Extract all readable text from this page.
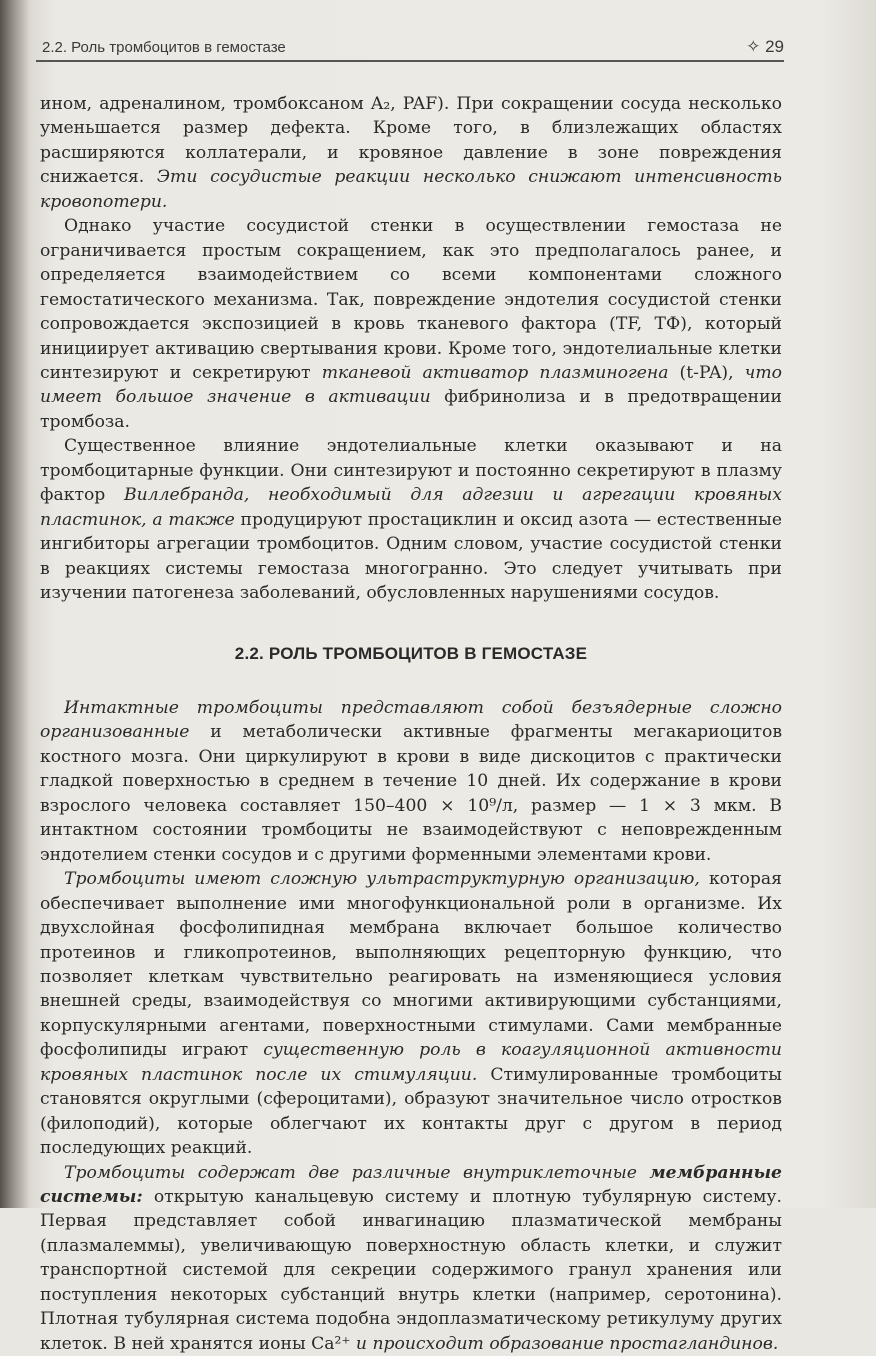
2.2. Роль тромбоцитов в гемостазе	✧ 29

ином, адреналином, тромбоксаном A₂, PAF). При сокращении сосуда несколько уменьшается размер дефекта. Кроме того, в близлежащих областях расширяются коллатерали, и кровяное давление в зоне повреждения снижается. Эти сосудистые реакции несколько снижают интенсивность кровопотери.

Однако участие сосудистой стенки в осуществлении гемостаза не ограничивается простым сокращением, как это предполагалось ранее, и определяется взаимодействием со всеми компонентами сложного гемостатического механизма. Так, повреждение эндотелия сосудистой стенки сопровождается экспозицией в кровь тканевого фактора (TF, ТФ), который инициирует активацию свертывания крови. Кроме того, эндотелиальные клетки синтезируют и секретируют тканевой активатор плазминогена (t-PA), что имеет большое значение в активации фибринолиза и в предотвращении тромбоза.

Существенное влияние эндотелиальные клетки оказывают и на тромбоцитарные функции. Они синтезируют и постоянно секретируют в плазму фактор Виллебранда, необходимый для адгезии и агрегации кровяных пластинок, а также продуцируют простациклин и оксид азота — естественные ингибиторы агрегации тромбоцитов. Одним словом, участие сосудистой стенки в реакциях системы гемостаза многогранно. Это следует учитывать при изучении патогенеза заболеваний, обусловленных нарушениями сосудов.

2.2. РОЛЬ ТРОМБОЦИТОВ В ГЕМОСТАЗЕ

Интактные тромбоциты представляют собой безъядерные сложно организованные и метаболически активные фрагменты мегакариоцитов костного мозга. Они циркулируют в крови в виде дискоцитов с практически гладкой поверхностью в среднем в течение 10 дней. Их содержание в крови взрослого человека составляет 150–400 × 10⁹/л, размер — 1 × 3 мкм. В интактном состоянии тромбоциты не взаимодействуют с неповрежденным эндотелием стенки сосудов и с другими форменными элементами крови.

Тромбоциты имеют сложную ультраструктурную организацию, которая обеспечивает выполнение ими многофункциональной роли в организме. Их двухслойная фосфолипидная мембрана включает большое количество протеинов и гликопротеинов, выполняющих рецепторную функцию, что позволяет клеткам чувствительно реагировать на изменяющиеся условия внешней среды, взаимодействуя со многими активирующими субстанциями, корпускулярными агентами, поверхностными стимулами. Сами мембранные фосфолипиды играют существенную роль в коагуляционной активности кровяных пластинок после их стимуляции. Стимулированные тромбоциты становятся округлыми (сфероцитами), образуют значительное число отростков (филоподий), которые облегчают их контакты друг с другом в период последующих реакций.

Тромбоциты содержат две различные внутриклеточные мембранные системы: открытую канальцевую систему и плотную тубулярную систему. Первая представляет собой инвагинацию плазматической мембраны (плазмалеммы), увеличивающую поверхностную область клетки, и служит транспортной системой для секреции содержимого гранул хранения или поступления некоторых субстанций внутрь клетки (например, серотонина). Плотная тубулярная система подобна эндоплазматическому ретикулуму других клеток. В ней хранятся ионы Ca²⁺ и происходит образование простагландинов.
